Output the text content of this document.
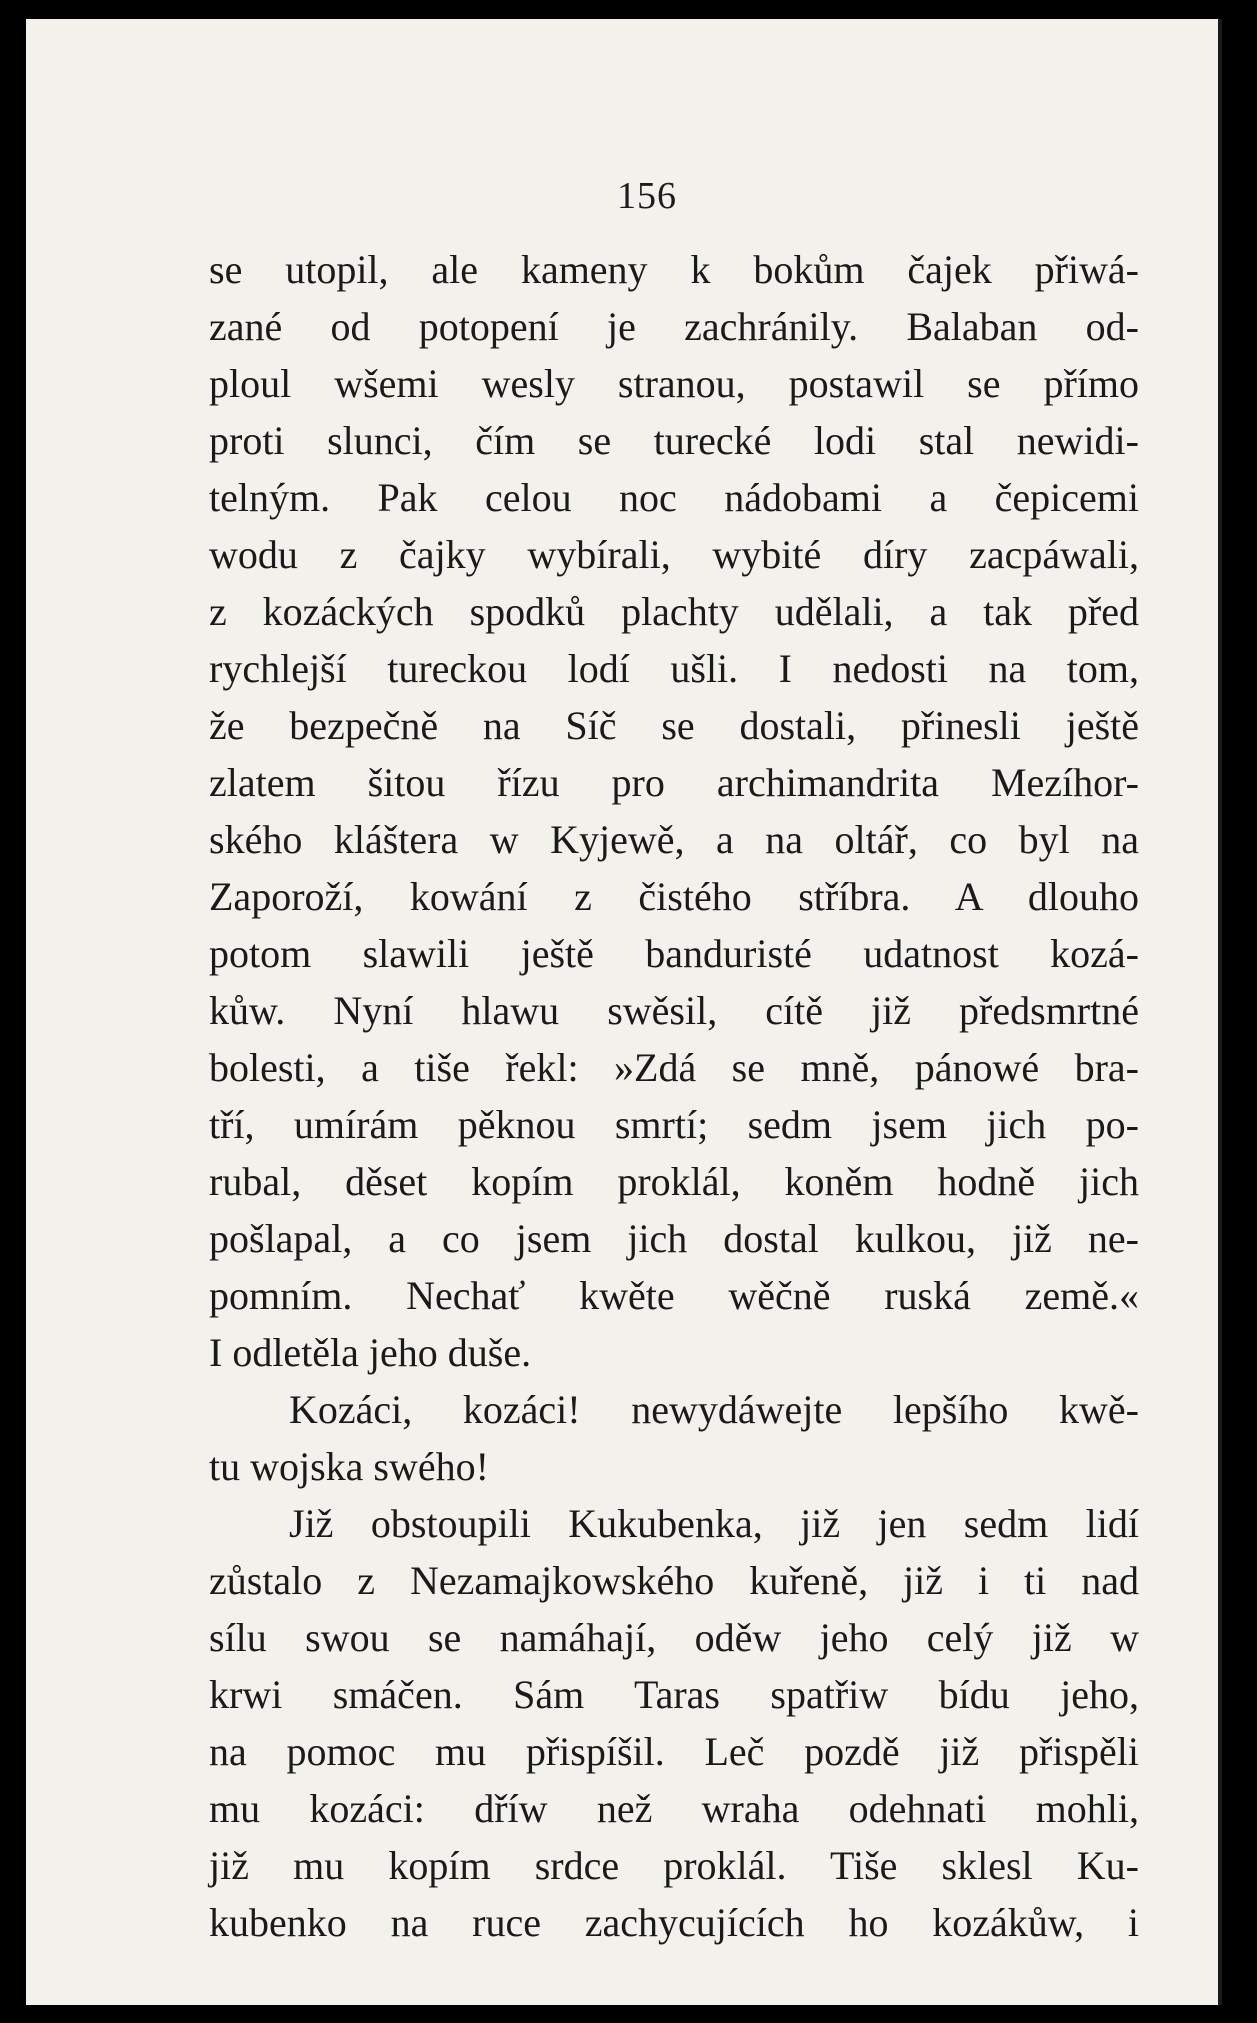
156
se utopil, ale kameny k bokům čajek přiwá-
zané od potopení je zachránily. Balaban od-
ploul wšemi wesly stranou, postawil se přímo
proti slunci, čím se turecké lodi stal newidi-
telným. Pak celou noc nádobami a čepicemi
wodu z čajky wybírali, wybité díry zacpáwali,
z kozáckých spodků plachty udělali, a tak před
rychlejší tureckou lodí ušli. I nedosti na tom,
že bezpečně na Síč se dostali, přinesli ještě
zlatem šitou řízu pro archimandrita Mezíhor-
ského kláštera w Kyjewě, a na oltář, co byl na
Zaporoží, kowání z čistého stříbra. A dlouho
potom slawili ještě banduristé udatnost kozá-
kůw. Nyní hlawu swěsil, cítě již předsmrtné
bolesti, a tiše řekl: »Zdá se mně, pánowé bra-
tří, umírám pěknou smrtí; sedm jsem jich po-
rubal, děset kopím proklál, koněm hodně jich
pošlapal, a co jsem jich dostal kulkou, již ne-
pomním. Nechať kwěte wěčně ruská země.«
I odletěla jeho duše.
Kozáci, kozáci! newydáwejte lepšího kwě-
tu wojska swého!
Již obstoupili Kukubenka, již jen sedm lidí
zůstalo z Nezamajkowského kuřeně, již i ti nad
sílu swou se namáhají, oděw jeho celý již w
krwi smáčen. Sám Taras spatřiw bídu jeho,
na pomoc mu přispíšil. Leč pozdě již přispěli
mu kozáci: dříw než wraha odehnati mohli,
již mu kopím srdce proklál. Tiše sklesl Ku-
kubenko na ruce zachycujících ho kozákůw, i
